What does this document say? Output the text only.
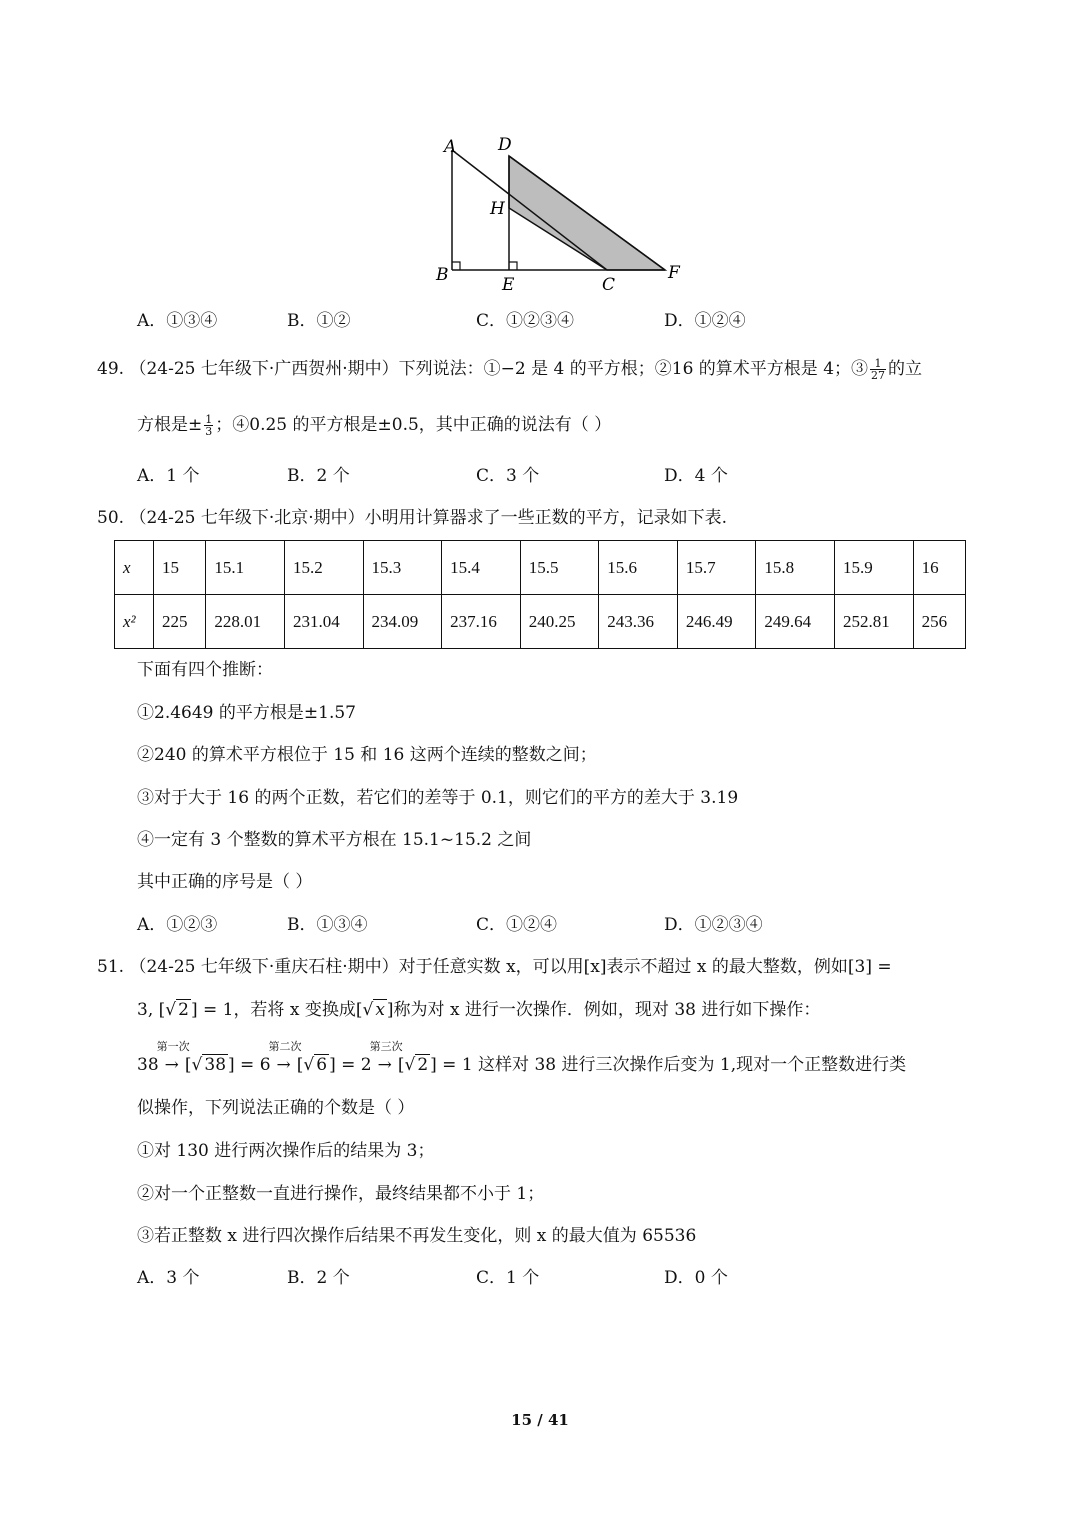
A D
H
B	E	C
F
A．①③④	B．①②	C．①②③④	D．①②④
49. （24-25 七年级下·广西贺州·期中）下列说法：①−2 是 4 的平方根；②16 的算术平方根是 4；③ $\frac{1}{27}$ 的立
方根是± $\frac{1}{3}$ ；④0.25 的平方根是±0.5，其中正确的说法有（ ）
A．1 个	B．2 个	C．3 个	D．4 个
50. （24-25 七年级下·北京·期中）小明用计算器求了一些正数的平方，记录如下表.
x	15	15.1	15.2	15.3	15.4	15.5	15.6	15.7	15.8	15.9	16
x²	225	228.01	231.04	234.09	237.16	240.25	243.36	246.49	249.64	252.81	256
下面有四个推断：
①2.4649 的平方根是±1.57
②240 的算术平方根位于 15 和 16 这两个连续的整数之间；
③对于大于 16 的两个正数，若它们的差等于 0.1，则它们的平方的差大于 3.19
④一定有 3 个整数的算术平方根在 15.1~15.2 之间
其中正确的序号是（ ）
A．①②③	B．①③④	C．①②④	D．①②③④
51. （24-25 七年级下·重庆石柱·期中）对于任意实数 x，可以用[x]表示不超过 x 的最大整数，例如[3] =
3, [√ 2 ] = 1，若将 x 变换成[√ x ]称为对 x 进行一次操作．例如，现对 38 进行如下操作：
38
第一次
→ [√ 38 ] = 6
第二次
→ [√ 6 ] = 2
第三次
→ [√ 2 ] = 1 这样对 38 进行三次操作后变为 1,现对一个正整数进行类
似操作，下列说法正确的个数是（ ）
①对 130 进行两次操作后的结果为 3；
②对一个正整数一直进行操作，最终结果都不小于 1；
③若正整数 x 进行四次操作后结果不再发生变化，则 x 的最大值为 65536
A．3 个	B．2 个	C．1 个	D．0 个
15 / 41
